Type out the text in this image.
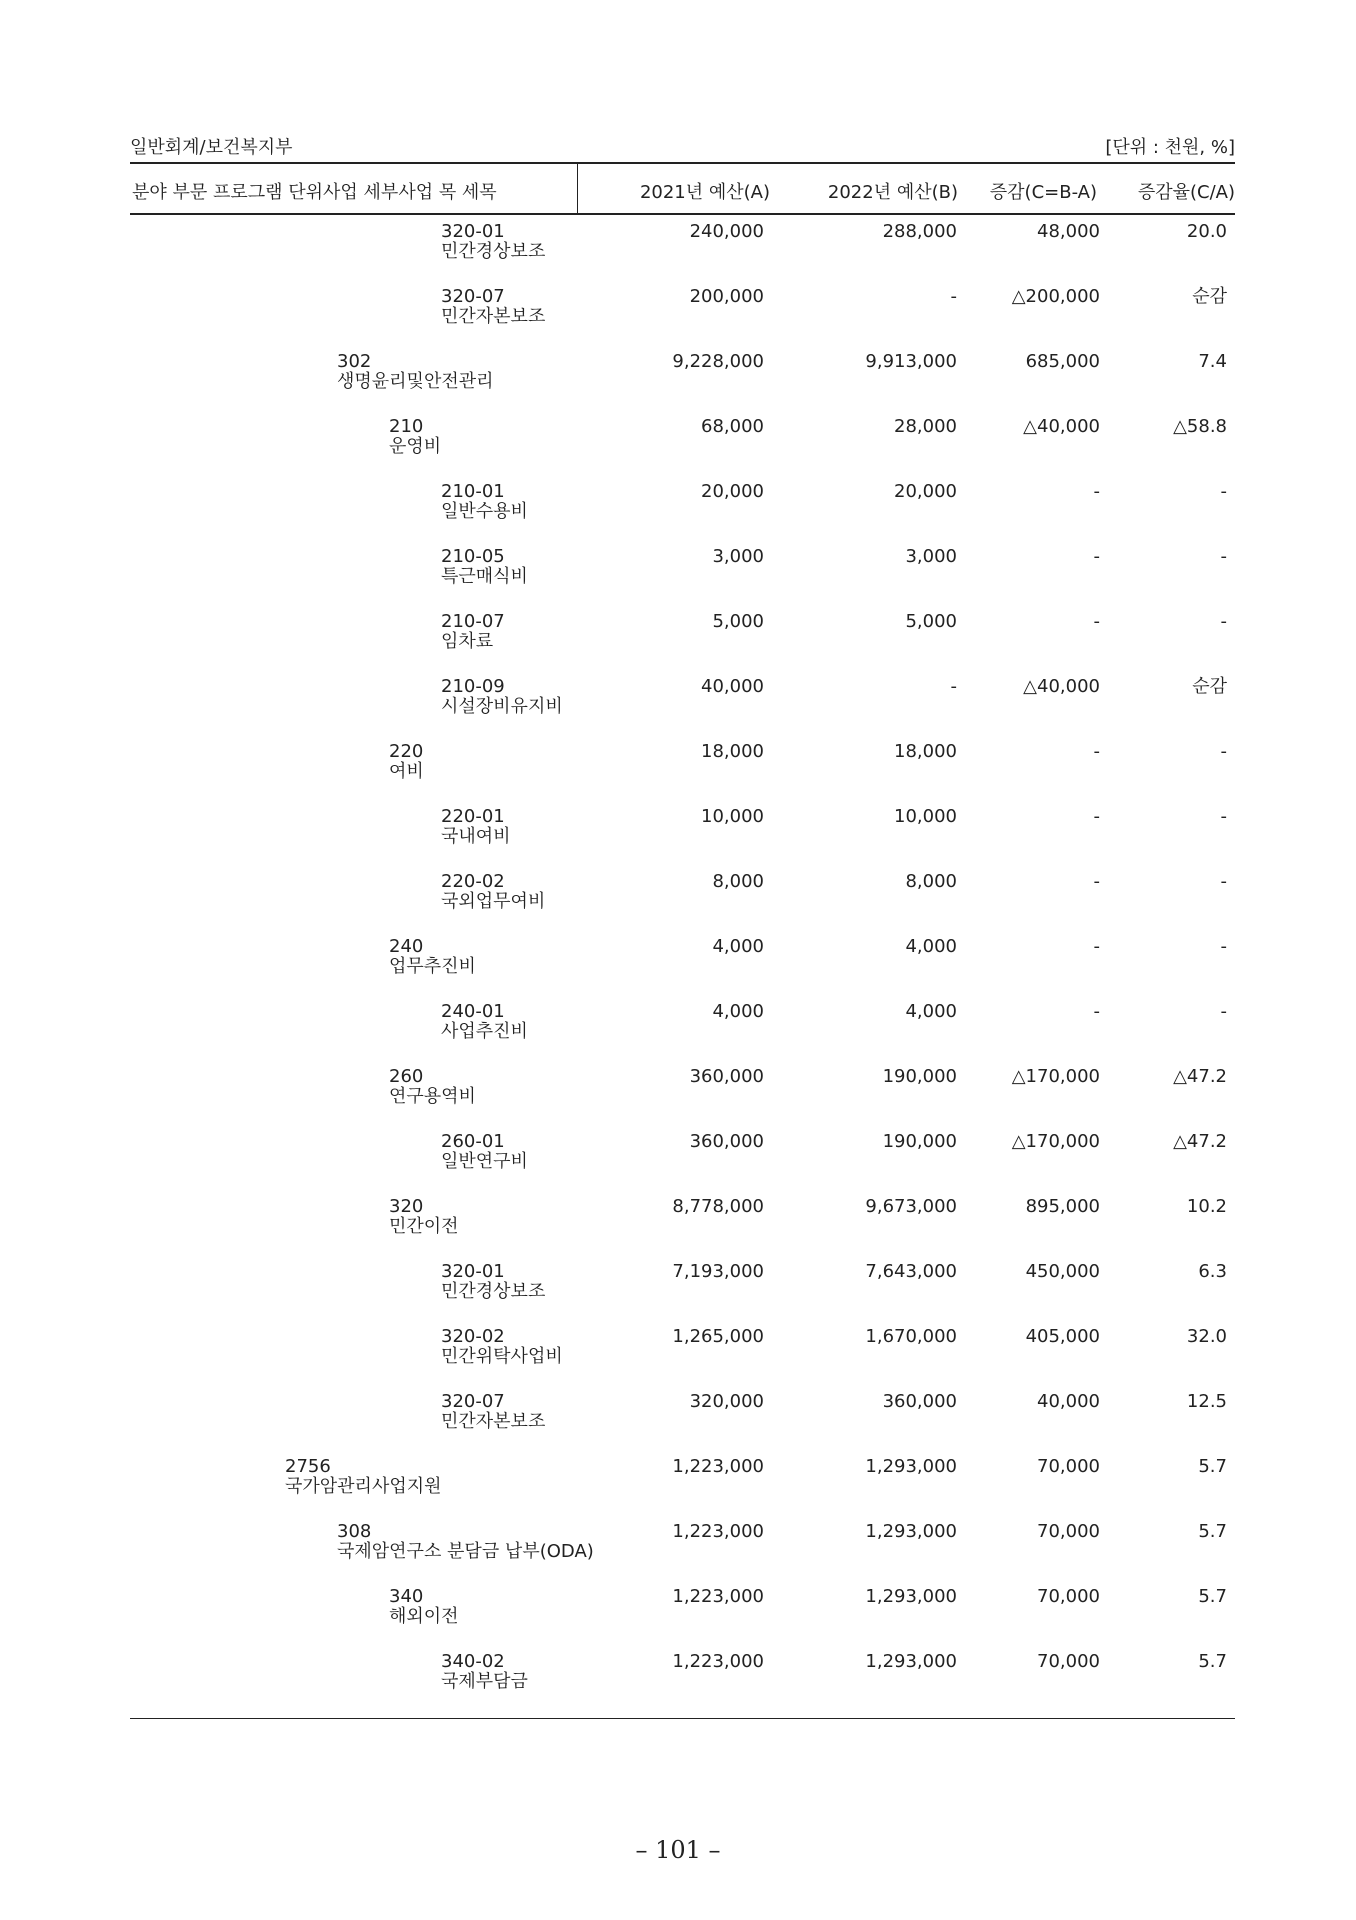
일반회계/보건복지부	[단위 : 천원, %]
분야 부문 프로그램 단위사업 세부사업 목 세목	2021년 예산(A)	2022년 예산(B) 증감(C=B-A) 증감율(C/A)
320-01
민간경상보조
240,000	288,000	48,000	20.0
320-07
민간자본보조
200,000	-	△200,000	순감
302
생명윤리및안전관리
9,228,000	9,913,000	685,000	7.4
210
운영비
68,000	28,000	△40,000	△58.8
210-01
일반수용비
20,000	20,000	-	-
210-05
특근매식비
3,000	3,000	-	-
210-07
임차료
5,000	5,000	-	-
210-09
시설장비유지비
40,000	-	△40,000	순감
220
여비
18,000	18,000	-	-
220-01
국내여비
10,000	10,000	-	-
220-02
국외업무여비
8,000	8,000	-	-
240
업무추진비
4,000	4,000	-	-
240-01
사업추진비
4,000	4,000	-	-
260
연구용역비
360,000	190,000	△170,000	△47.2
260-01
일반연구비
360,000	190,000	△170,000	△47.2
320
민간이전
8,778,000	9,673,000	895,000	10.2
320-01
민간경상보조
7,193,000	7,643,000	450,000	6.3
320-02
민간위탁사업비
1,265,000	1,670,000	405,000	32.0
320-07
민간자본보조
320,000	360,000	40,000	12.5
2756
국가암관리사업지원
1,223,000	1,293,000	70,000	5.7
308
국제암연구소 분담금 납부(ODA)
1,223,000	1,293,000	70,000	5.7
340
해외이전
1,223,000	1,293,000	70,000	5.7
340-02
국제부담금
1,223,000	1,293,000	70,000	5.7
– 101 –
